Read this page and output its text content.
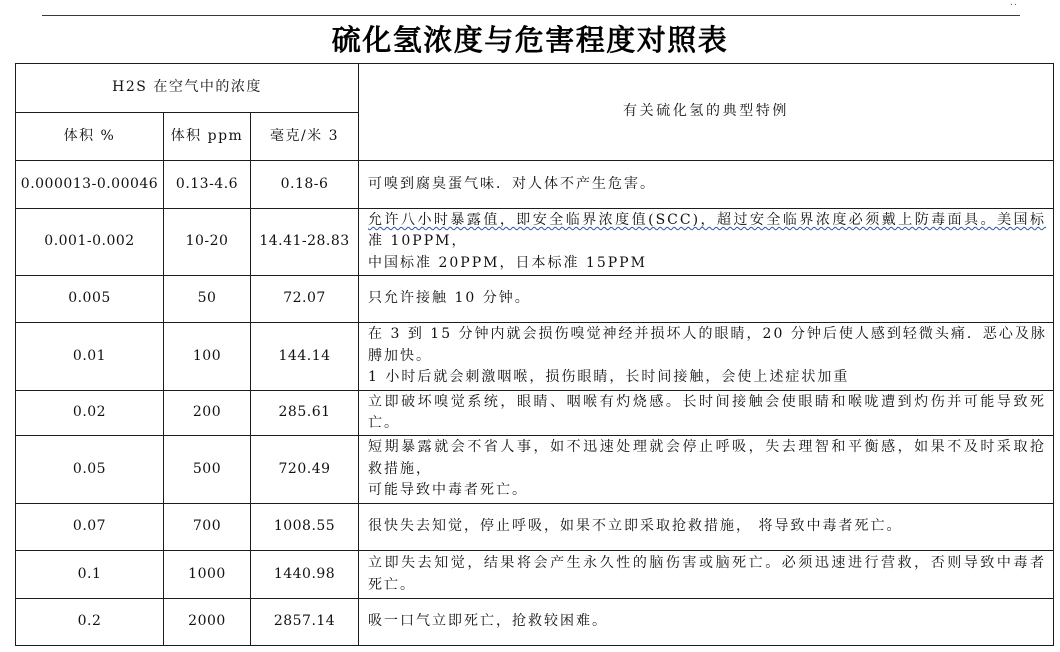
..
硫化氢浓度与危害程度对照表
H2S 在空气中的浓度			有关硫化氢的典型特例
体积 %	体积 ppm	毫克/米 3	
0.000013-0.00046	0.13-4.6	0.18-6	可嗅到腐臭蛋气味．对人体不产生危害。

0.001-0.002	10-20	14.41-28.83	允许八小时暴露值，即安全临界浓度值(SCC)，超过安全临界浓度必须戴上防毒面具。美国标
准 10PPM，
中国标准 20PPM，日本标准 15PPM

0.005	50	72.07	只允许接触 10 分钟。

0.01	100	144.14	在 3 到 15 分钟内就会损伤嗅觉神经并损坏人的眼睛，20 分钟后使人感到轻微头痛．恶心及脉
膊加快。
1 小时后就会刺激咽喉，损伤眼睛，长时间接触，会使上述症状加重

0.02	200	285.61	立即破坏嗅觉系统，眼睛、咽喉有灼烧感。长时间接触会使眼睛和喉咙遭到灼伤并可能导致死
亡。

0.05	500	720.49	短期暴露就会不省人事，如不迅速处理就会停止呼吸，失去理智和平衡感，如果不及时采取抢
救措施，
可能导致中毒者死亡。

0.07	700	1008.55	很快失去知觉，停止呼吸，如果不立即采取抢救措施， 将导致中毒者死亡。

0.1	1000	1440.98	立即失去知觉，结果将会产生永久性的脑伤害或脑死亡。必须迅速进行营救，否则导致中毒者
死亡。

0.2	2000	2857.14	吸一口气立即死亡，抢救较困难。
